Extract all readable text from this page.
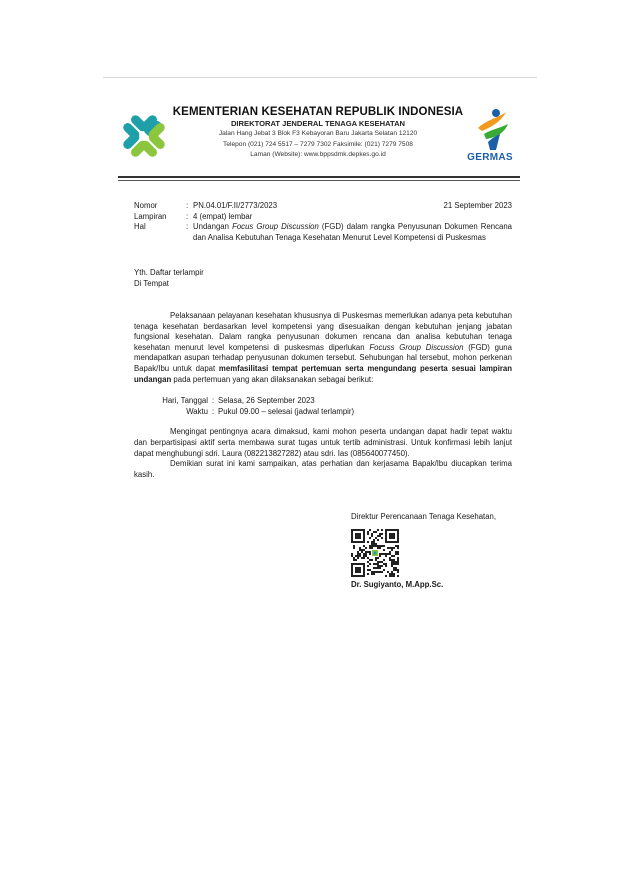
KEMENTERIAN KESEHATAN REPUBLIK INDONESIA
DIREKTORAT JENDERAL TENAGA KESEHATAN
Jalan Hang Jebat 3 Blok F3 Kebayoran Baru Jakarta Selatan 12120
Telepon (021) 724 5517 – 7279 7302 Faksimile: (021) 7279 7508
Laman (Website): www.bppsdmk.depkes.go.id	GERMAS
21 September 2023
Nomor	: PN.04.01/F.II/2773/2023
Lampiran	: 4 (empat) lembar
Hal	: Undangan Focus Group Discussion (FGD) dalam rangka Penyusunan Dokumen Rencana dan Analisa Kebutuhan Tenaga Kesehatan Menurut Level Kompetensi di Puskesmas
Yth. Daftar terlampir
Di Tempat

Pelaksanaan pelayanan kesehatan khususnya di Puskesmas memerlukan adanya peta kebutuhan tenaga kesehatan berdasarkan level kompetensi yang disesuaikan dengan kebutuhan jenjang jabatan fungsional kesehatan. Dalam rangka penyusunan dokumen rencana dan analisa kebutuhan tenaga kesehatan menurut level kompetensi di puskesmas diperlukan Focuss Group Discussion (FGD) guna mendapatkan asupan terhadap penyusunan dokumen tersebut. Sehubungan hal tersebut, mohon perkenan Bapak/Ibu untuk dapat memfasilitasi tempat pertemuan serta mengundang peserta sesuai lampiran undangan pada pertemuan yang akan dilaksanakan sebagai berikut:

Hari, Tanggal : Selasa, 26 September 2023
Waktu : Pukul 09.00 – selesai (jadwal terlampir)

Mengingat pentingnya acara dimaksud, kami mohon peserta undangan dapat hadir tepat waktu dan berpartisipasi aktif serta membawa surat tugas untuk tertib administrasi. Untuk konfirmasi lebih lanjut dapat menghubungi sdri. Laura (082213827282) atau sdri. Ias (085640077450).

Demikian surat ini kami sampaikan, atas perhatian dan kerjasama Bapak/Ibu diucapkan terima kasih.

Direktur Perencanaan Tenaga Kesehatan,
Dr. Sugiyanto, M.App.Sc.
